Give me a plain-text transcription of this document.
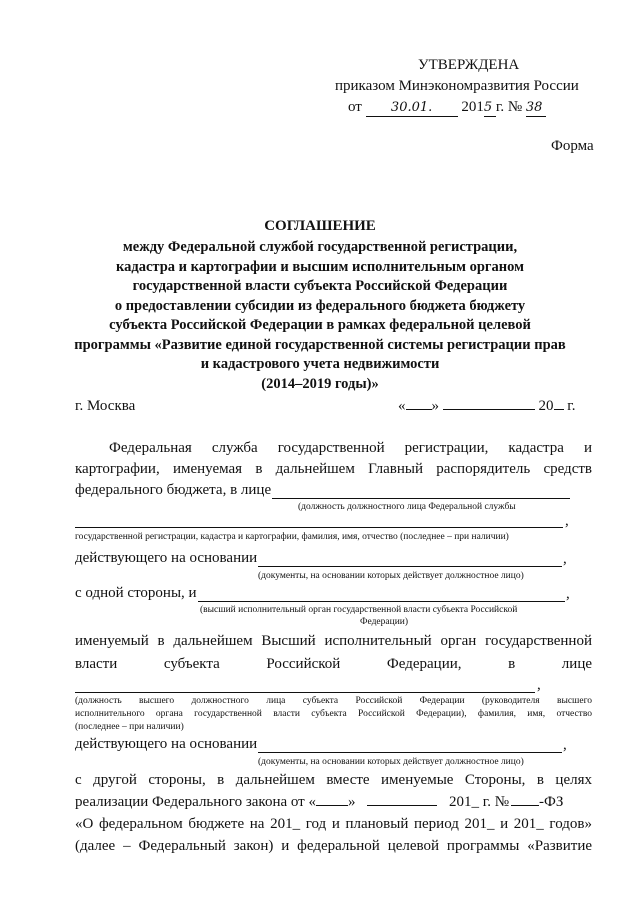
УТВЕРЖДЕНА
приказом Минэкономразвития России
от 30.01. 2015 г. № 38
Форма
СОГЛАШЕНИЕ
между Федеральной службой государственной регистрации,
кадастра и картографии и высшим исполнительным органом
государственной власти субъекта Российской Федерации
о предоставлении субсидии из федерального бюджета бюджету
субъекта Российской Федерации в рамках федеральной целевой
программы «Развитие единой государственной системы регистрации прав
и кадастрового учета недвижимости
(2014–2019 годы)»
г. Москва	« »	20 г.
Федеральная служба государственной регистрации, кадастра и
картографии, именуемая в дальнейшем Главный распорядитель средств
федерального бюджета, в лице
(должность должностного лица Федеральной службы
,
государственной регистрации, кадастра и картографии, фамилия, имя, отчество (последнее – при наличии)
действующего на основании	,
(документы, на основании которых действует должностное лицо)
с одной стороны, и	,
(высший исполнительный орган государственной власти субъекта Российской
Федерации)
именуемый в дальнейшем Высший исполнительный орган государственной
власти субъекта Российской Федерации, в лице
,
(должность высшего должностного лица субъекта Российской Федерации (руководителя высшего
исполнительного органа государственной власти субъекта Российской Федерации), фамилия, имя, отчество
(последнее – при наличии)
действующего на основании	,
(документы, на основании которых действует должностное лицо)
с другой стороны, в дальнейшем вместе именуемые Стороны, в целях
реализации Федерального закона от « »	201_ г. № -ФЗ
«О федеральном бюджете на 201_ год и плановый период 201_ и 201_ годов»
(далее – Федеральный закон) и федеральной целевой программы «Развитие
